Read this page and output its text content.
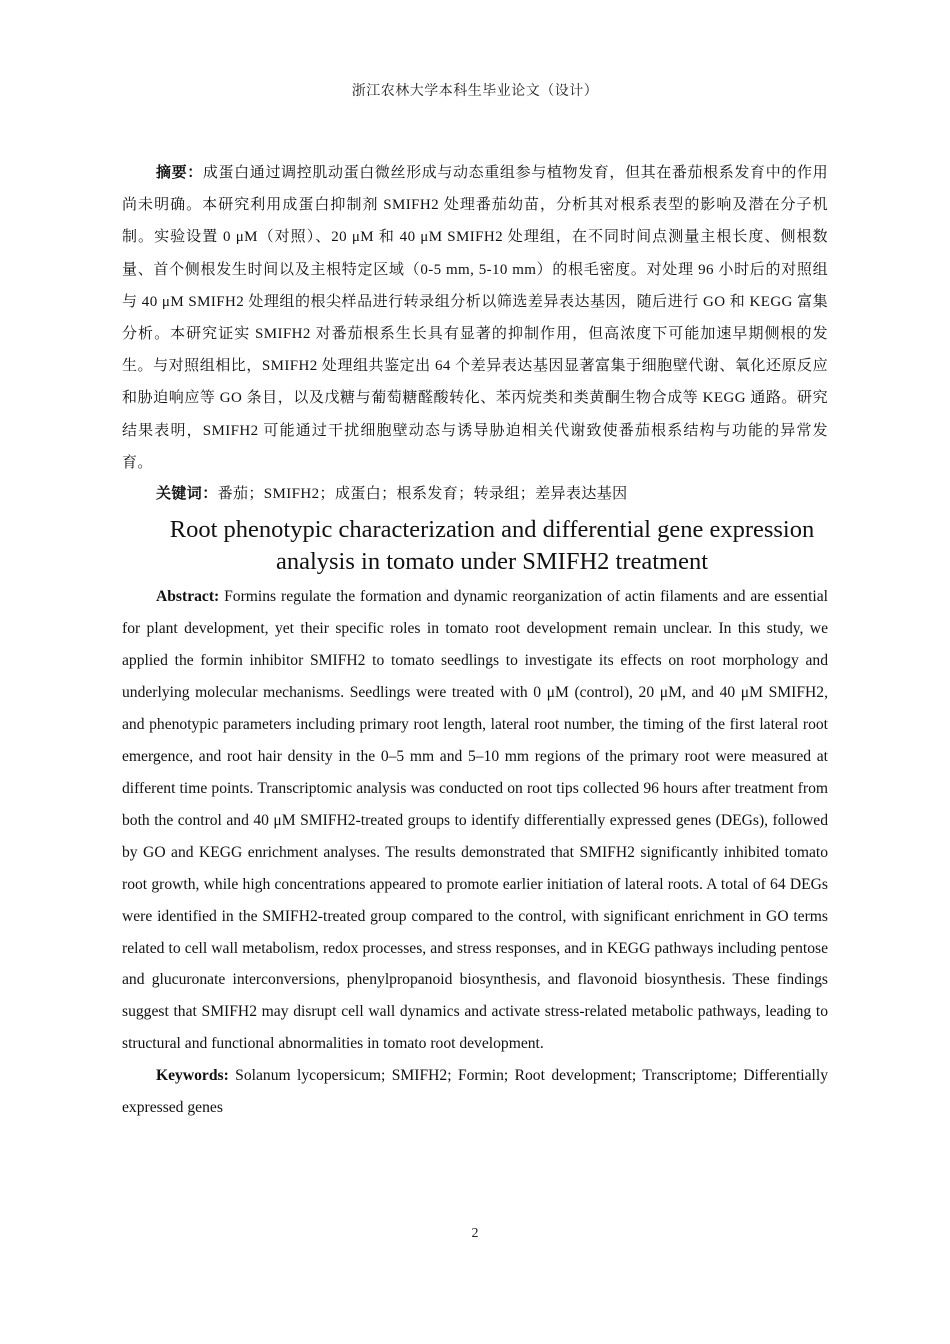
浙江农林大学本科生毕业论文（设计）

摘要：成蛋白通过调控肌动蛋白微丝形成与动态重组参与植物发育，但其在番茄根系发育中的作用尚未明确。本研究利用成蛋白抑制剂 SMIFH2 处理番茄幼苗，分析其对根系表型的影响及潜在分子机制。实验设置 0 μM（对照）、20 μM 和 40 μM SMIFH2 处理组，在不同时间点测量主根长度、侧根数量、首个侧根发生时间以及主根特定区域（0-5 mm, 5-10 mm）的根毛密度。对处理 96 小时后的对照组与 40 μM SMIFH2 处理组的根尖样品进行转录组分析以筛选差异表达基因，随后进行 GO 和 KEGG 富集分析。本研究证实 SMIFH2 对番茄根系生长具有显著的抑制作用，但高浓度下可能加速早期侧根的发生。与对照组相比，SMIFH2 处理组共鉴定出 64 个差异表达基因显著富集于细胞壁代谢、氧化还原反应和胁迫响应等 GO 条目，以及戊糖与葡萄糖醛酸转化、苯丙烷类和类黄酮生物合成等 KEGG 通路。研究结果表明，SMIFH2 可能通过干扰细胞壁动态与诱导胁迫相关代谢致使番茄根系结构与功能的异常发育。

关键词：番茄；SMIFH2；成蛋白；根系发育；转录组；差异表达基因

Root phenotypic characterization and differential gene expression analysis in tomato under SMIFH2 treatment

Abstract: Formins regulate the formation and dynamic reorganization of actin filaments and are essential for plant development, yet their specific roles in tomato root development remain unclear. In this study, we applied the formin inhibitor SMIFH2 to tomato seedlings to investigate its effects on root morphology and underlying molecular mechanisms. Seedlings were treated with 0 μM (control), 20 μM, and 40 μM SMIFH2, and phenotypic parameters including primary root length, lateral root number, the timing of the first lateral root emergence, and root hair density in the 0–5 mm and 5–10 mm regions of the primary root were measured at different time points. Transcriptomic analysis was conducted on root tips collected 96 hours after treatment from both the control and 40 μM SMIFH2-treated groups to identify differentially expressed genes (DEGs), followed by GO and KEGG enrichment analyses. The results demonstrated that SMIFH2 significantly inhibited tomato root growth, while high concentrations appeared to promote earlier initiation of lateral roots. A total of 64 DEGs were identified in the SMIFH2-treated group compared to the control, with significant enrichment in GO terms related to cell wall metabolism, redox processes, and stress responses, and in KEGG pathways including pentose and glucuronate interconversions, phenylpropanoid biosynthesis, and flavonoid biosynthesis. These findings suggest that SMIFH2 may disrupt cell wall dynamics and activate stress-related metabolic pathways, leading to structural and functional abnormalities in tomato root development.

Keywords: Solanum lycopersicum; SMIFH2; Formin; Root development; Transcriptome; Differentially expressed genes

2
